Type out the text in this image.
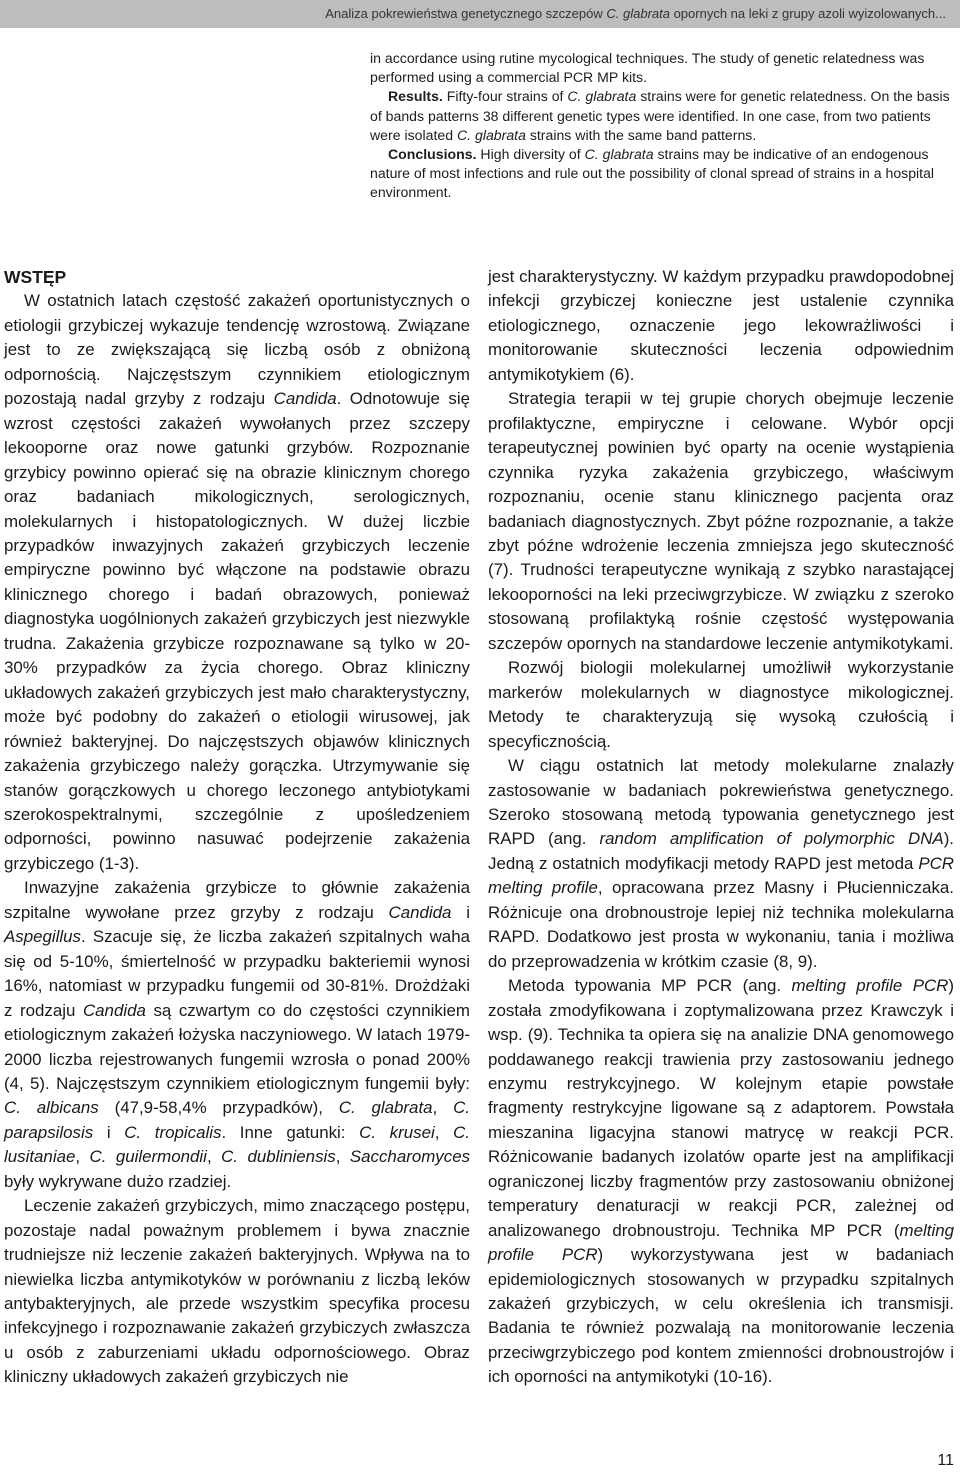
Analiza pokrewieństwa genetycznego szczepów C. glabrata opornych na leki z grupy azoli wyizolowanych...

in accordance using rutine mycological techniques. The study of genetic relatedness was performed using a commercial PCR MP kits.

Results. Fifty-four strains of C. glabrata strains were for genetic relatedness. On the basis of bands patterns 38 different genetic types were identified. In one case, from two patients were isolated C. glabrata strains with the same band patterns.

Conclusions. High diversity of C. glabrata strains may be indicative of an endogenous nature of most infections and rule out the possibility of clonal spread of strains in a hospital environment.

WSTĘP

W ostatnich latach częstość zakażeń oportunistycznych o etiologii grzybiczej wykazuje tendencję wzrostową. Związane jest to ze zwiększającą się liczbą osób z obniżoną odpornością. Najczęstszym czynnikiem etiologicznym pozostają nadal grzyby z rodzaju Candida. Odnotowuje się wzrost częstości zakażeń wywołanych przez szczepy lekooporne oraz nowe gatunki grzybów. Rozpoznanie grzybicy powinno opierać się na obrazie klinicznym chorego oraz badaniach mikologicznych, serologicznych, molekularnych i histopatologicznych. W dużej liczbie przypadków inwazyjnych zakażeń grzybiczych leczenie empiryczne powinno być włączone na podstawie obrazu klinicznego chorego i badań obrazowych, ponieważ diagnostyka uogólnionych zakażeń grzybiczych jest niezwykle trudna. Zakażenia grzybicze rozpoznawane są tylko w 20-30% przypadków za życia chorego. Obraz kliniczny układowych zakażeń grzybiczych jest mało charakterystyczny, może być podobny do zakażeń o etiologii wirusowej, jak również bakteryjnej. Do najczęstszych objawów klinicznych zakażenia grzybiczego należy gorączka. Utrzymywanie się stanów gorączkowych u chorego leczonego antybiotykami szerokospektralnymi, szczególnie z upośledzeniem odporności, powinno nasuwać podejrzenie zakażenia grzybiczego (1-3).

Inwazyjne zakażenia grzybicze to głównie zakażenia szpitalne wywołane przez grzyby z rodzaju Candida i Aspegillus. Szacuje się, że liczba zakażeń szpitalnych waha się od 5-10%, śmiertelność w przypadku bakteriemii wynosi 16%, natomiast w przypadku fungemii od 30-81%. Drożdżaki z rodzaju Candida są czwartym co do częstości czynnikiem etiologicznym zakażeń łożyska naczyniowego. W latach 1979-2000 liczba rejestrowanych fungemii wzrosła o ponad 200% (4, 5). Najczęstszym czynnikiem etiologicznym fungemii były: C. albicans (47,9-58,4% przypadków), C. glabrata, C. parapsilosis i C. tropicalis. Inne gatunki: C. krusei, C. lusitaniae, C. guilermondii, C. dubliniensis, Saccharomyces były wykrywane dużo rzadziej.

Leczenie zakażeń grzybiczych, mimo znaczącego postępu, pozostaje nadal poważnym problemem i bywa znacznie trudniejsze niż leczenie zakażeń bakteryjnych. Wpływa na to niewielka liczba antymikotyków w porównaniu z liczbą leków antybakteryjnych, ale przede wszystkim specyfika procesu infekcyjnego i rozpoznawanie zakażeń grzybiczych zwłaszcza u osób z zaburzeniami układu odpornościowego. Obraz kliniczny układowych zakażeń grzybiczych nie

jest charakterystyczny. W każdym przypadku prawdopodobnej infekcji grzybiczej konieczne jest ustalenie czynnika etiologicznego, oznaczenie jego lekowrażliwości i monitorowanie skuteczności leczenia odpowiednim antymikotykiem (6).

Strategia terapii w tej grupie chorych obejmuje leczenie profilaktyczne, empiryczne i celowane. Wybór opcji terapeutycznej powinien być oparty na ocenie wystąpienia czynnika ryzyka zakażenia grzybiczego, właściwym rozpoznaniu, ocenie stanu klinicznego pacjenta oraz badaniach diagnostycznych. Zbyt późne rozpoznanie, a także zbyt późne wdrożenie leczenia zmniejsza jego skuteczność (7). Trudności terapeutyczne wynikają z szybko narastającej lekooporności na leki przeciwgrzybicze. W związku z szeroko stosowaną profilaktyką rośnie częstość występowania szczepów opornych na standardowe leczenie antymikotykami.

Rozwój biologii molekularnej umożliwił wykorzystanie markerów molekularnych w diagnostyce mikologicznej. Metody te charakteryzują się wysoką czułością i specyficznością.

W ciągu ostatnich lat metody molekularne znalazły zastosowanie w badaniach pokrewieństwa genetycznego. Szeroko stosowaną metodą typowania genetycznego jest RAPD (ang. random amplification of polymorphic DNA). Jedną z ostatnich modyfikacji metody RAPD jest metoda PCR melting profile, opracowana przez Masny i Płucienniczaka. Różnicuje ona drobnoustroje lepiej niż technika molekularna RAPD. Dodatkowo jest prosta w wykonaniu, tania i możliwa do przeprowadzenia w krótkim czasie (8, 9).

Metoda typowania MP PCR (ang. melting profile PCR) została zmodyfikowana i zoptymalizowana przez Krawczyk i wsp. (9). Technika ta opiera się na analizie DNA genomowego poddawanego reakcji trawienia przy zastosowaniu jednego enzymu restrykcyjnego. W kolejnym etapie powstałe fragmenty restrykcyjne ligowane są z adaptorem. Powstała mieszanina ligacyjna stanowi matrycę w reakcji PCR. Różnicowanie badanych izolatów oparte jest na amplifikacji ograniczonej liczby fragmentów przy zastosowaniu obniżonej temperatury denaturacji w reakcji PCR, zależnej od analizowanego drobnoustroju. Technika MP PCR (melting profile PCR) wykorzystywana jest w badaniach epidemiologicznych stosowanych w przypadku szpitalnych zakażeń grzybiczych, w celu określenia ich transmisji. Badania te również pozwalają na monitorowanie leczenia przeciwgrzybiczego pod kontem zmienności drobnoustrojów i ich oporności na antymikotyki (10-16).

11
